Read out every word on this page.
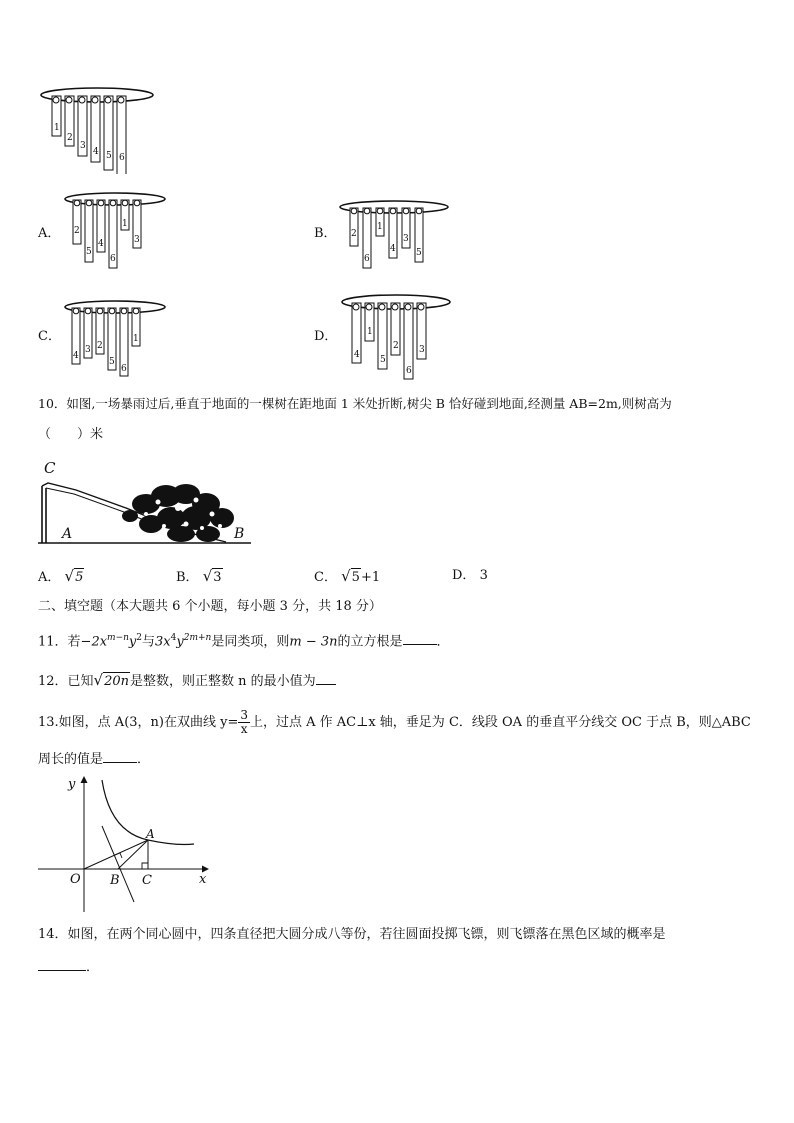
1
2
3
4 5 6
A． 2
5
4
6
1
3	B． 2
6
1
4
3
5
C．
4
3 2
5
6
1	D．
4
1
5
2
6
3
10．如图,一场暴雨过后,垂直于地面的一棵树在距地面 1 米处折断,树尖 B 恰好碰到地面,经测量 AB=2m,则树高为
（　　）米
C
A	B
A． √5	B． √3	C． √5+1	D． 3
二、填空题（本大题共 6 个小题，每小题 3 分，共 18 分）
11．若$-2x^{m-n}y^2$与$3x^4y^{2m+n}$是同类项，则m − 3n的立方根是	．
12．已知√20n是整数，则正整数 n 的最小值为
13.如图，点 A(3，n)在双曲线 $y= \frac{3}{x}$ 上，过点 A 作 AC⊥x 轴，垂足为 C．线段 OA 的垂直平分线交 OC 于点 B，则△ABC
周长的值是	．
y
x
O B C
A
14．如图，在两个同心圆中，四条直径把大圆分成八等份，若往圆面投掷飞镖，则飞镖落在黑色区域的概率是
．
